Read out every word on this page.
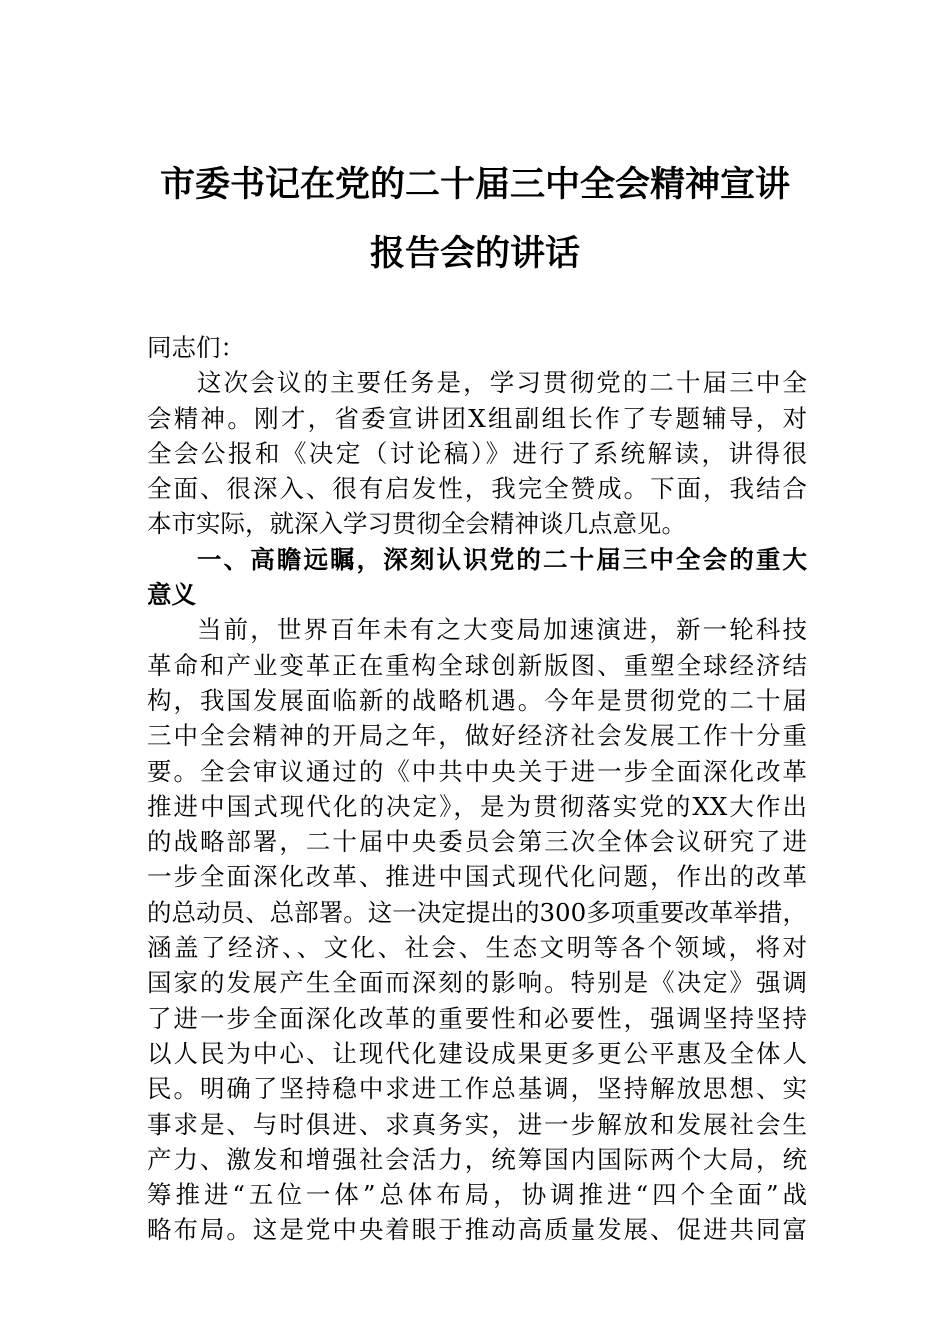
市委书记在党的二十届三中全会精神宣讲
报告会的讲话
同志们：
这次会议的主要任务是，学习贯彻党的二十届三中全
会精神。刚才，省委宣讲团X组副组长作了专题辅导，对
全会公报和《决定（讨论稿）》进行了系统解读，讲得很
全面、很深入、很有启发性，我完全赞成。下面，我结合
本市实际，就深入学习贯彻全会精神谈几点意见。
一、高瞻远瞩，深刻认识党的二十届三中全会的重大
意义
当前，世界百年未有之大变局加速演进，新一轮科技
革命和产业变革正在重构全球创新版图、重塑全球经济结
构，我国发展面临新的战略机遇。今年是贯彻党的二十届
三中全会精神的开局之年，做好经济社会发展工作十分重
要。全会审议通过的《中共中央关于进一步全面深化改革
推进中国式现代化的决定》，是为贯彻落实党的XX大作出
的战略部署，二十届中央委员会第三次全体会议研究了进
一步全面深化改革、推进中国式现代化问题，作出的改革
的总动员、总部署。这一决定提出的300多项重要改革举措，
涵盖了经济、、文化、社会、生态文明等各个领域，将对
国家的发展产生全面而深刻的影响。特别是《决定》强调
了进一步全面深化改革的重要性和必要性，强调坚持坚持
以人民为中心、让现代化建设成果更多更公平惠及全体人
民。明确了坚持稳中求进工作总基调，坚持解放思想、实
事求是、与时俱进、求真务实，进一步解放和发展社会生
产力、激发和增强社会活力，统筹国内国际两个大局，统
筹推进“五位一体”总体布局，协调推进“四个全面”战
略布局。这是党中央着眼于推动高质量发展、促进共同富
